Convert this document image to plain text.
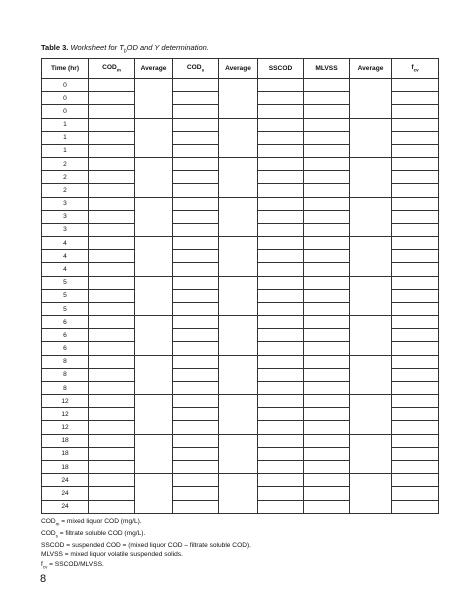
Table 3. Worksheet for $T_bOD$ and Y determination.
Time (hr)	$COD_m$	Average	$COD_s$	Average	SSCOD	MLVSS	Average	$f_{cv}$
0								
0								
0								
1								
1								
1								
2								
2								
2								
3								
3								
3								
4								
4								
4								
5								
5								
5								
6								
6								
6								
8								
8								
8								
12								
12								
12								
18								
18								
18								
24								
24								
24								
$COD_m$ = mixed liquor COD (mg/L).
$COD_s$ = filtrate soluble COD (mg/L).
SSCOD = suspended COD = (mixed liquor COD – filtrate soluble COD).
MLVSS = mixed liquor volatile suspended solids.
$f_{cv}$ = SSCOD/MLVSS.
8
